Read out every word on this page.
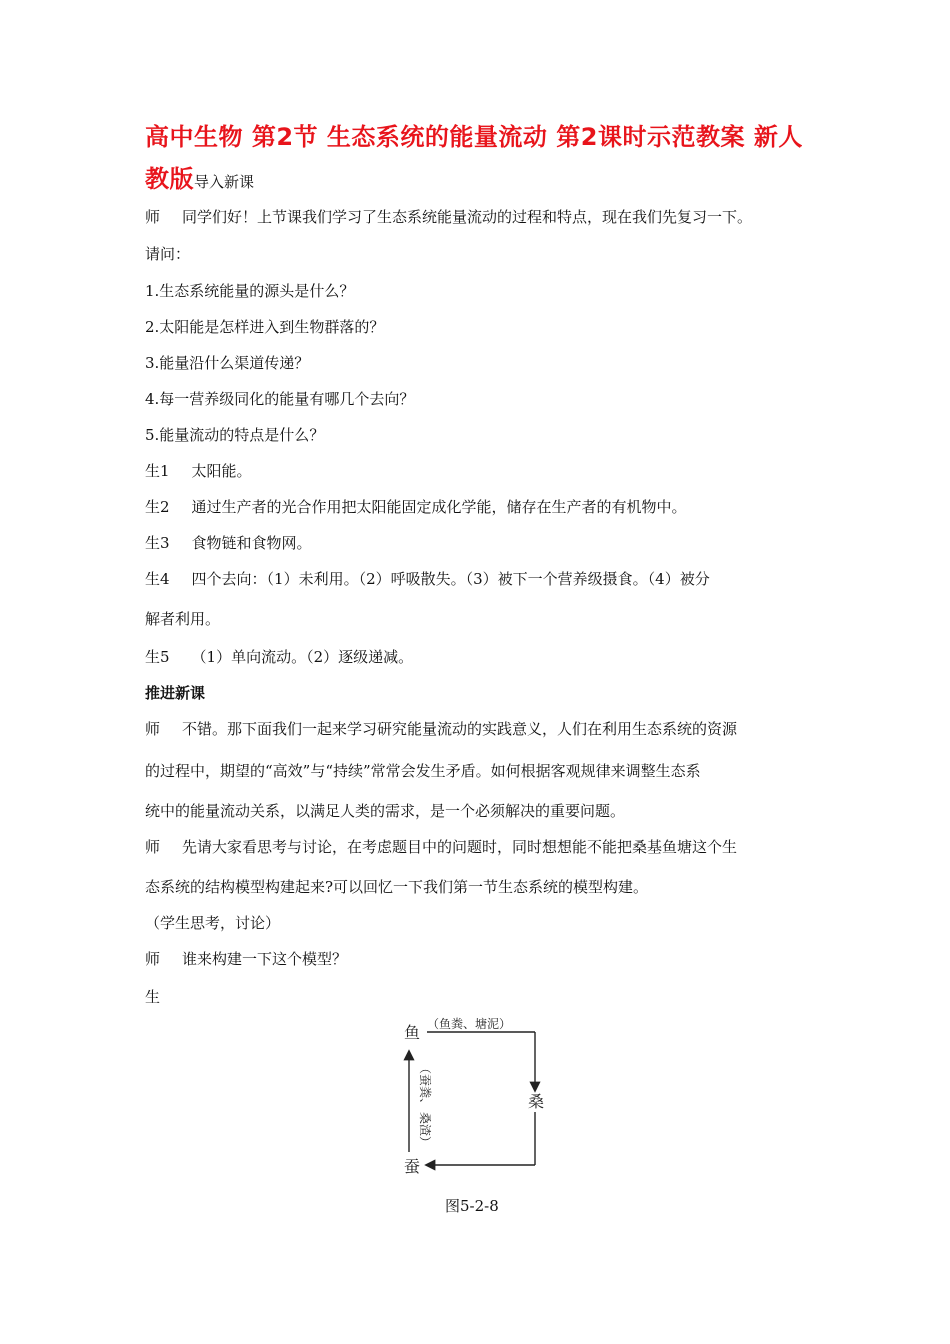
高中生物 第2节 生态系统的能量流动 第2课时示范教案 新人教版导入新课
师 同学们好！上节课我们学习了生态系统能量流动的过程和特点，现在我们先复习一下。
请问：
1.生态系统能量的源头是什么？
2.太阳能是怎样进入到生物群落的？
3.能量沿什么渠道传递？
4.每一营养级同化的能量有哪几个去向？
5.能量流动的特点是什么？
生1 太阳能。
生2 通过生产者的光合作用把太阳能固定成化学能，储存在生产者的有机物中。
生3 食物链和食物网。
生4 四个去向：（1）未利用。（2）呼吸散失。（3）被下一个营养级摄食。（4）被分
解者利用。
生5 （1）单向流动。（2）逐级递减。
推进新课
师 不错。那下面我们一起来学习研究能量流动的实践意义，人们在利用生态系统的资源
的过程中，期望的“高效”与“持续”常常会发生矛盾。如何根据客观规律来调整生态系
统中的能量流动关系，以满足人类的需求，是一个必须解决的重要问题。
师 先请大家看思考与讨论，在考虑题目中的问题时，同时想想能不能把桑基鱼塘这个生
态系统的结构模型构建起来?可以回忆一下我们第一节生态系统的模型构建。
（学生思考，讨论）
师 谁来构建一下这个模型？
生
鱼
桑
蚕
（鱼粪、塘泥）
（蚕粪、
桑渣）
图5-2-8
